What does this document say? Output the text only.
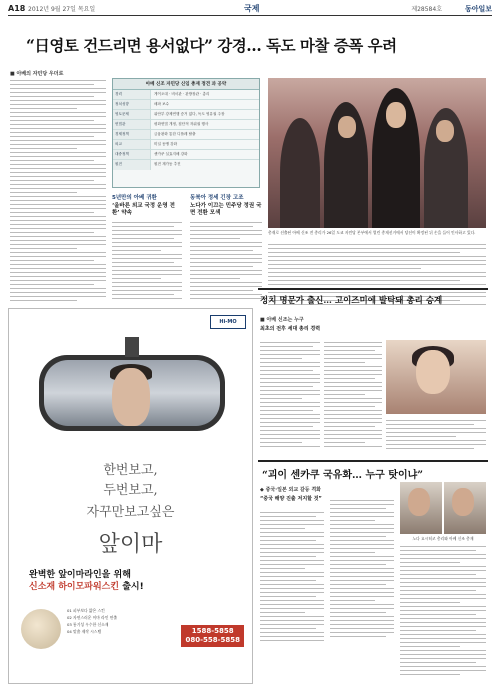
A18 2012년 9월 27일 목요일	국제	제28584호	동아일보
“日영토 건드리면 용서없다” 강경… 독도 마찰 증폭 우려
■ 아베의 자민당 우더로
아베 신조 자민당 신임 총재 정견 과 공약
경력	게이오대 · 비서관 · 관방장관 · 총리
정치성향	매파 보수
영토문제	위안부 강제연행 증거 없다, 독도 영유권 주장
헌법관	평화헌법 개정, 집단적 자위권 행사
경제정책	금융완화 통한 디플레 탈출
외교	미일 동맹 강화
대중정책	센카쿠 실효지배 강화
원전	원전 재가동 추진
총재로 선출된 아베 신조 전 총리가 26일 도쿄 자민당 본부에서 열린 총재선거에서 당선이 확정된 뒤 손을 들어 인사하고 있다.
5년만의 아베 귀환
‘올바른 외교 국정 운영 전환’ 약속
동북아 정세 긴장 고조
노다가 이끄는 민주당 정권 국면 전환 모색
Hi-MO
한번보고,
두번보고,
자꾸만보고싶은
앞이마
완벽한 앞이마라인을 위해
신소재 하이모파워스킨 출시!
01 피부보다 얇은 스킨
02 자연스러운 이마 라인 연출
03 통기성 우수한 신소재
04 맞춤 제작 시스템	1588-5858
080-558-5858
정치 명문가 출신… 고이즈미에 발탁돼 총리 승계
■ 아베 신조는 누구
최초의 전후 세대 총리 경력
“괴이 센카쿠 국유화… 누구 탓이냐”
◆ 중국·일본 외교 갈등 격화
“중국 해양 진출 저지할 것”
노다 요시히코 총리와 아베 신조 총재
